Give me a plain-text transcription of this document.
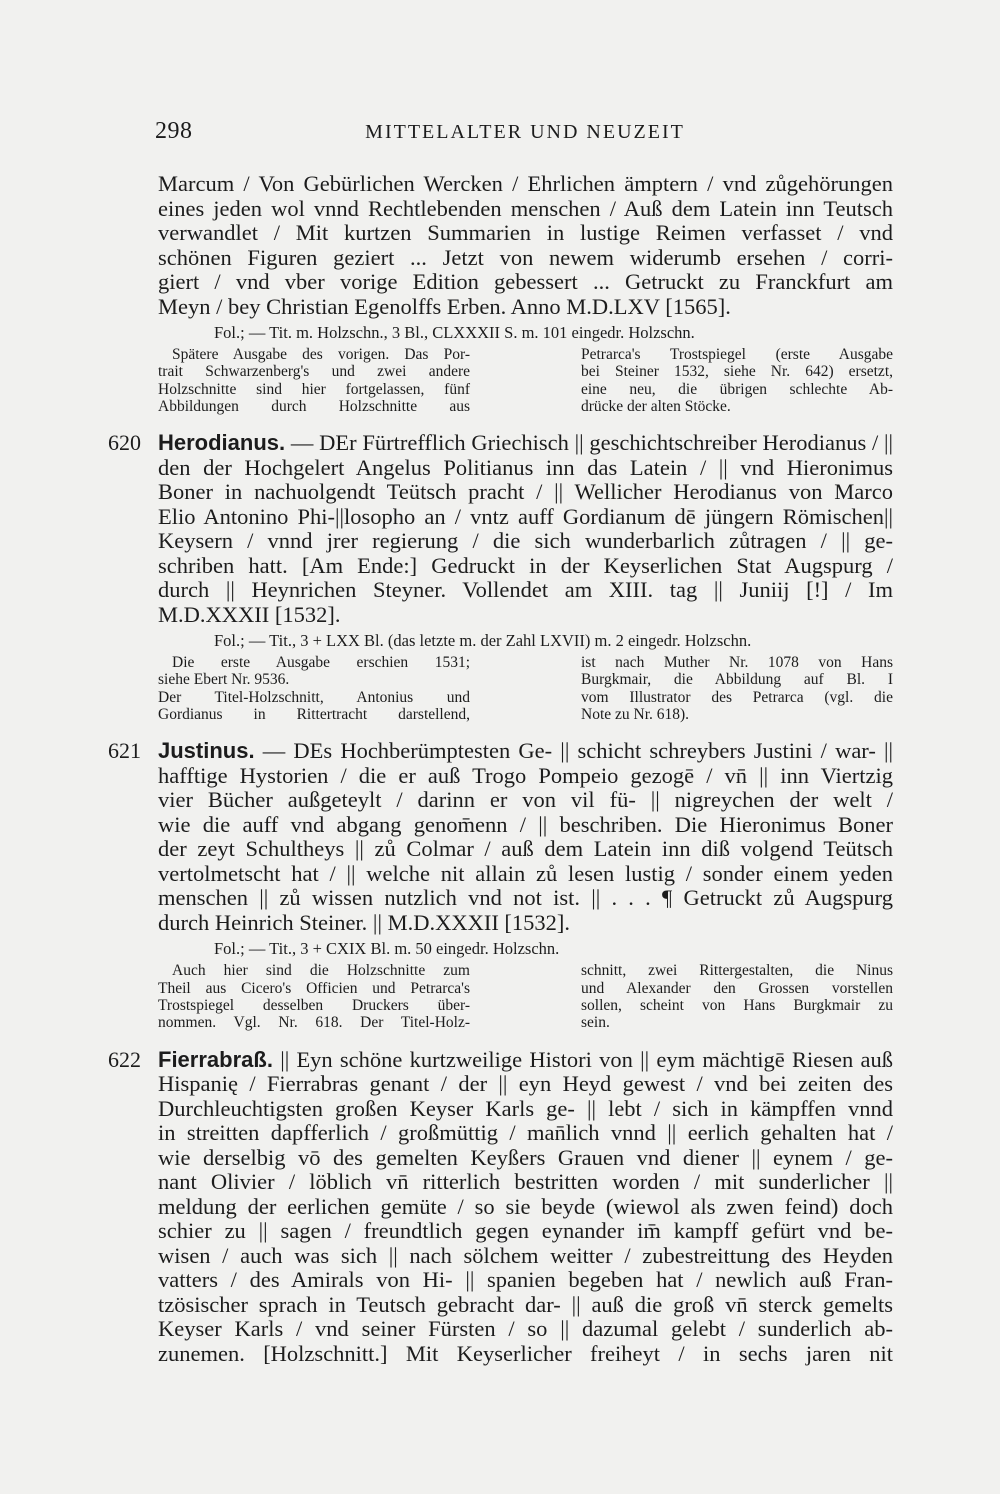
298	MITTELALTER UND NEUZEIT
Marcum / Von Gebürlichen Wercken / Ehrlichen ämptern / vnd zůgehörungen
eines jeden wol vnnd Rechtlebenden menschen / Auß dem Latein inn Teutsch
verwandlet / Mit kurtzen Summarien in lustige Reimen verfasset / vnd
schönen Figuren geziert ... Jetzt von newem widerumb ersehen / corri-
giert / vnd vber vorige Edition gebessert ... Getruckt zu Franckfurt am
Meyn / bey Christian Egenolffs Erben. Anno M.D.LXV [1565].
Fol.; — Tit. m. Holzschn., 3 Bl., CLXXXII S. m. 101 eingedr. Holzschn.
Spätere Ausgabe des vorigen. Das Por-
trait Schwarzenberg's und zwei andere
Holzschnitte sind hier fortgelassen, fünf
Abbildungen durch Holzschnitte aus
Petrarca's Trostspiegel (erste Ausgabe
bei Steiner 1532, siehe Nr. 642) ersetzt,
eine neu, die übrigen schlechte Ab-
drücke der alten Stöcke.
620 Herodianus. — DEr Fürtrefflich Griechisch || geschichtschreiber Herodianus / ||
den der Hochgelert Angelus Politianus inn das Latein / || vnd Hieronimus
Boner in nachuolgendt Teütsch pracht / || Wellicher Herodianus von Marco
Elio Antonino Phi-||losopho an / vntz auff Gordianum dē jüngern Römischen||
Keysern / vnnd jrer regierung / die sich wunderbarlich zůtragen / || ge-
schriben hatt. [Am Ende:] Gedruckt in der Keyserlichen Stat Augspurg /
durch || Heynrichen Steyner. Vollendet am XIII. tag || Juniij [!] / Im
M.D.XXXII [1532].
Fol.; — Tit., 3 + LXX Bl. (das letzte m. der Zahl LXVII) m. 2 eingedr. Holzschn.
Die erste Ausgabe erschien 1531;
siehe Ebert Nr. 9536.
Der Titel-Holzschnitt, Antonius und
Gordianus in Rittertracht darstellend,
ist nach Muther Nr. 1078 von Hans
Burgkmair, die Abbildung auf Bl. I
vom Illustrator des Petrarca (vgl. die
Note zu Nr. 618).
621 Justinus. — DEs Hochberümptesten Ge- || schicht schreybers Justini / war- ||
hafftige Hystorien / die er auß Trogo Pompeio gezogē / vn̄ || inn Viertzig
vier Bücher außgeteylt / darinn er von vil fü- || nigreychen der welt /
wie die auff vnd abgang genom̄enn / || beschriben. Die Hieronimus Boner
der zeyt Schultheys || zů Colmar / auß dem Latein inn diß volgend Teütsch
vertolmetscht hat / || welche nit allain zů lesen lustig / sonder einem yeden
menschen || zů wissen nutzlich vnd not ist. || . . . ¶ Getruckt zů Augspurg
durch Heinrich Steiner. || M.D.XXXII [1532].
Fol.; — Tit., 3 + CXIX Bl. m. 50 eingedr. Holzschn.
Auch hier sind die Holzschnitte zum
Theil aus Cicero's Officien und Petrarca's
Trostspiegel desselben Druckers über-
nommen. Vgl. Nr. 618. Der Titel-Holz-
schnitt, zwei Rittergestalten, die Ninus
und Alexander den Grossen vorstellen
sollen, scheint von Hans Burgkmair zu
sein.
622 Fierrabraß. || Eyn schöne kurtzweilige Histori von || eym mächtigē Riesen auß
Hispanię / Fierrabras genant / der || eyn Heyd gewest / vnd bei zeiten des
Durchleuchtigsten großen Keyser Karls ge- || lebt / sich in kämpffen vnnd
in streitten dapfferlich / großmüttig / man̄lich vnnd || eerlich gehalten hat /
wie derselbig vō des gemelten Keyßers Grauen vnd diener || eynem / ge-
nant Olivier / löblich vn̄ ritterlich bestritten worden / mit sunderlicher ||
meldung der eerlichen gemüte / so sie beyde (wiewol als zwen feind) doch
schier zu || sagen / freundtlich gegen eynander im̄ kampff gefürt vnd be-
wisen / auch was sich || nach sölchem weitter / zubestreittung des Heyden
vatters / des Amirals von Hi- || spanien begeben hat / newlich auß Fran-
tzösischer sprach in Teutsch gebracht dar- || auß die groß vn̄ sterck gemelts
Keyser Karls / vnd seiner Fürsten / so || dazumal gelebt / sunderlich ab-
zunemen. [Holzschnitt.] Mit Keyserlicher freiheyt / in sechs jaren nit
